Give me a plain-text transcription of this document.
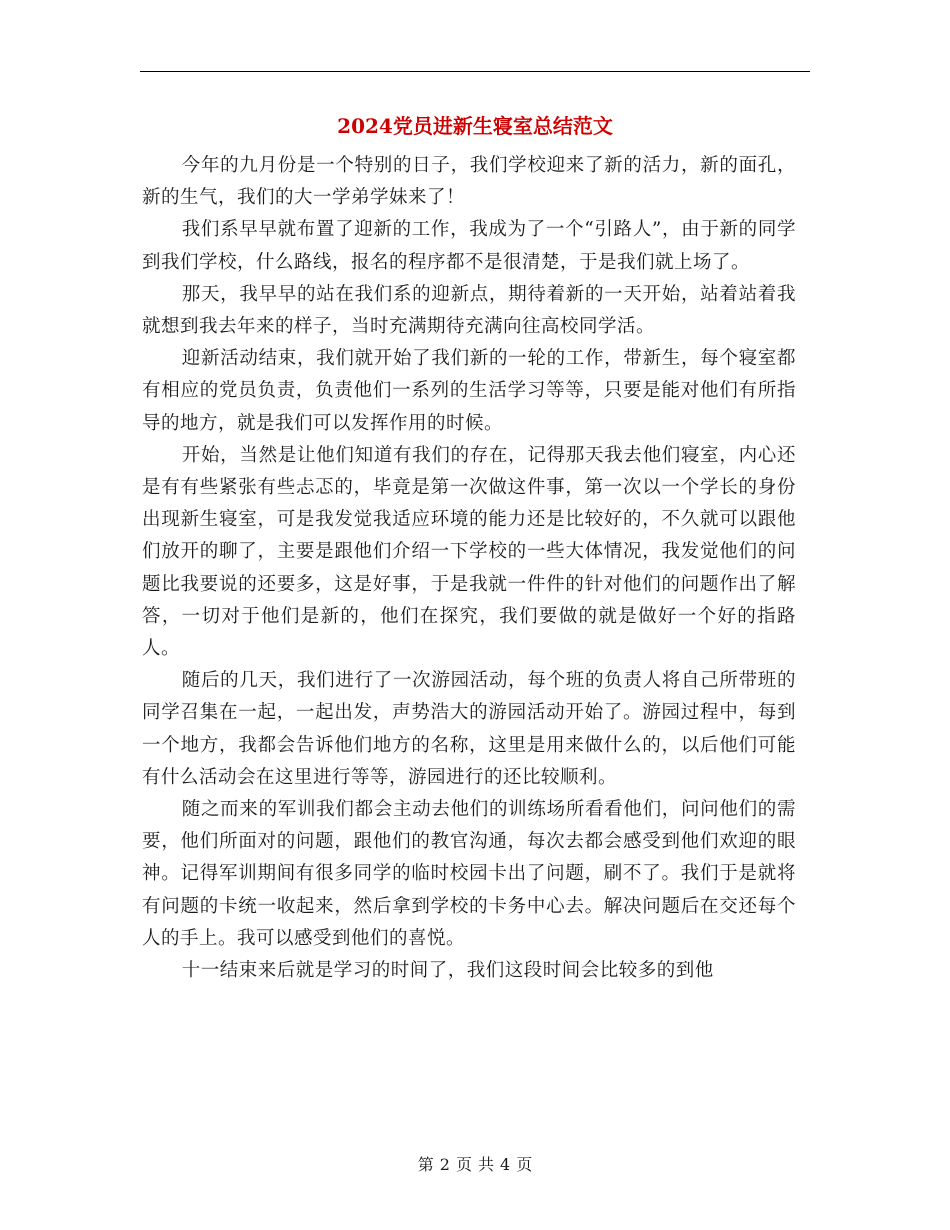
2024党员进新生寝室总结范文

今年的九月份是一个特别的日子，我们学校迎来了新的活力，新的面孔，新的生气，我们的大一学弟学妹来了！

我们系早早就布置了迎新的工作，我成为了一个“引路人”，由于新的同学到我们学校，什么路线，报名的程序都不是很清楚，于是我们就上场了。

那天，我早早的站在我们系的迎新点，期待着新的一天开始，站着站着我就想到我去年来的样子，当时充满期待充满向往高校同学活。

迎新活动结束，我们就开始了我们新的一轮的工作，带新生，每个寝室都有相应的党员负责，负责他们一系列的生活学习等等，只要是能对他们有所指导的地方，就是我们可以发挥作用的时候。

开始，当然是让他们知道有我们的存在，记得那天我去他们寝室，内心还是有有些紧张有些忐忑的，毕竟是第一次做这件事，第一次以一个学长的身份出现新生寝室，可是我发觉我适应环境的能力还是比较好的，不久就可以跟他们放开的聊了，主要是跟他们介绍一下学校的一些大体情况，我发觉他们的问题比我要说的还要多，这是好事，于是我就一件件的针对他们的问题作出了解答，一切对于他们是新的，他们在探究，我们要做的就是做好一个好的指路人。

随后的几天，我们进行了一次游园活动，每个班的负责人将自己所带班的同学召集在一起，一起出发，声势浩大的游园活动开始了。游园过程中，每到一个地方，我都会告诉他们地方的名称，这里是用来做什么的，以后他们可能有什么活动会在这里进行等等，游园进行的还比较顺利。

随之而来的军训我们都会主动去他们的训练场所看看他们，问问他们的需要，他们所面对的问题，跟他们的教官沟通，每次去都会感受到他们欢迎的眼神。记得军训期间有很多同学的临时校园卡出了问题，刷不了。我们于是就将有问题的卡统一收起来，然后拿到学校的卡务中心去。解决问题后在交还每个人的手上。我可以感受到他们的喜悦。

十一结束来后就是学习的时间了，我们这段时间会比较多的到他

第 2 页 共 4 页
